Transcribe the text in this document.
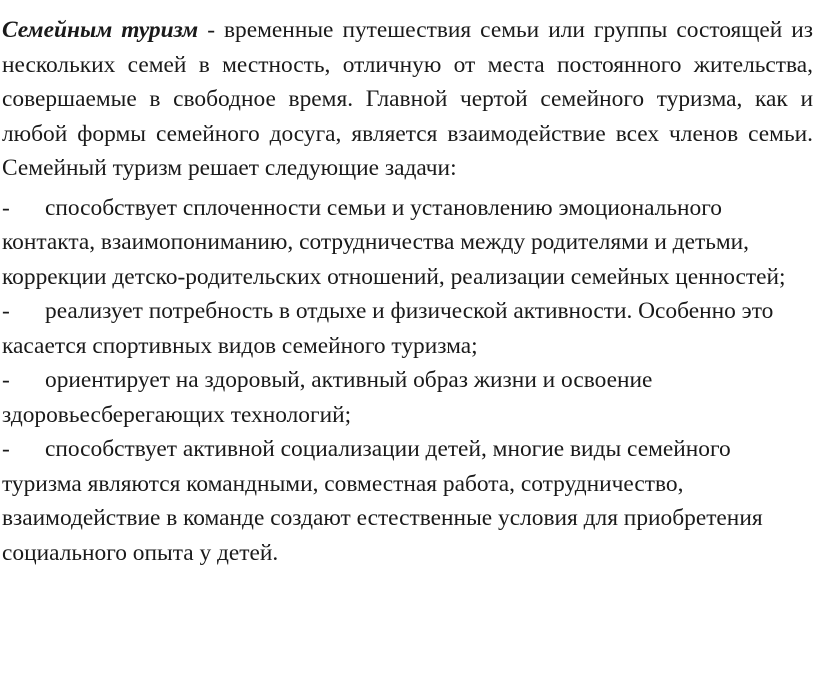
Семейным туризм - временные путешествия семьи или группы состоящей из нескольких семей в местность, отличную от места постоянного жительства, совершаемые в свободное время. Главной чертой семейного туризма, как и любой формы семейного досуга, является взаимодействие всех членов семьи. Семейный туризм решает следующие задачи:

- способствует сплоченности семьи и установлению эмоционального контакта, взаимопониманию, сотрудничества между родителями и детьми, коррекции детско-родительских отношений, реализации семейных ценностей;
- реализует потребность в отдыхе и физической активности. Особенно это касается спортивных видов семейного туризма;
- ориентирует на здоровый, активный образ жизни и освоение здоровьесберегающих технологий;
- способствует активной социализации детей, многие виды семейного туризма являются командными, совместная работа, сотрудничество, взаимодействие в команде создают естественные условия для приобретения социального опыта у детей.
